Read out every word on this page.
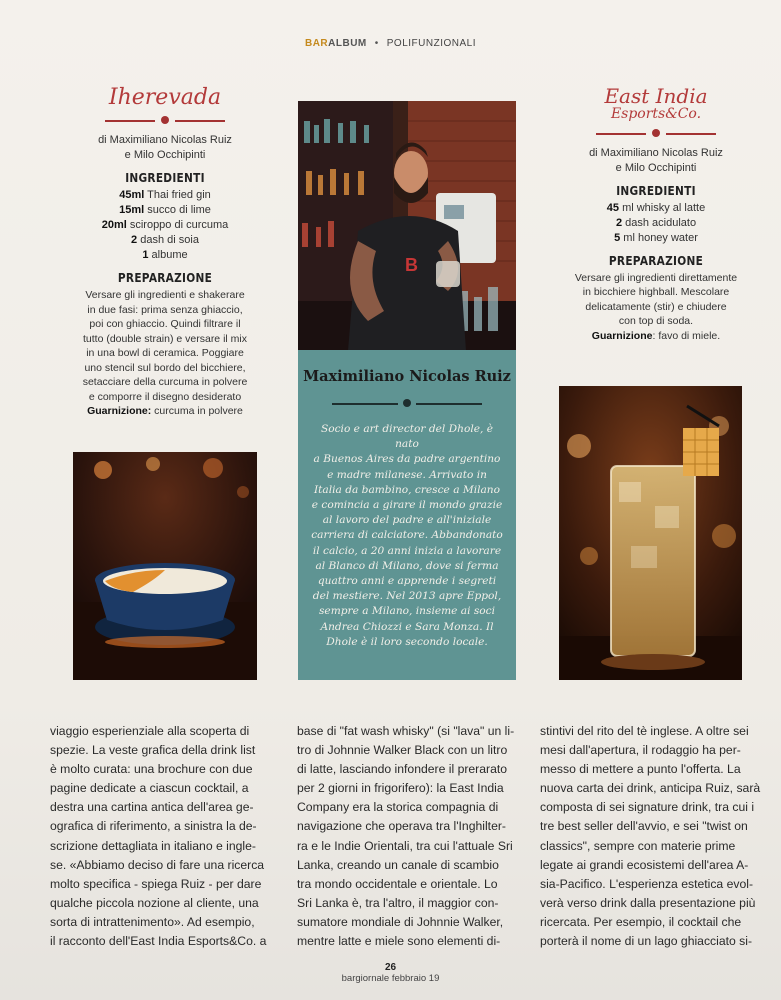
BARALBUM • POLIFUNZIONALI
Iherevada
di Maximiliano Nicolas Ruiz
e Milo Occhipinti
INGREDIENTI
45ml Thai fried gin
15ml succo di lime
20ml sciroppo di curcuma
2 dash di soia
1 albume
PREPARAZIONE
Versare gli ingredienti e shakerare
in due fasi: prima senza ghiaccio,
poi con ghiaccio. Quindi filtrare il
tutto (double strain) e versare il mix
in una bowl di ceramica. Poggiare
uno stencil sul bordo del bicchiere,
setacciare della curcuma in polvere
e comporre il disegno desiderato
Guarnizione: curcuma in polvere
B
Maximiliano Nicolas Ruiz
Socio e art director del Dhole, è nato
a Buenos Aires da padre argentino
e madre milanese. Arrivato in
Italia da bambino, cresce a Milano
e comincia a girare il mondo grazie
al lavoro del padre e all'iniziale
carriera di calciatore. Abbandonato
il calcio, a 20 anni inizia a lavorare
al Blanco di Milano, dove si ferma
quattro anni e apprende i segreti
del mestiere. Nel 2013 apre Eppol,
sempre a Milano, insieme ai soci
Andrea Chiozzi e Sara Monza. Il
Dhole è il loro secondo locale.
East India
Esports&Co.
di Maximiliano Nicolas Ruiz
e Milo Occhipinti
INGREDIENTI
45 ml whisky al latte
2 dash acidulato
5 ml honey water
PREPARAZIONE
Versare gli ingredienti direttamente
in bicchiere highball. Mescolare
delicatamente (stir) e chiudere
con top di soda.
Guarnizione: favo di miele.
viaggio esperienziale alla scoperta di
spezie. La veste grafica della drink list
è molto curata: una brochure con due
pagine dedicate a ciascun cocktail, a
destra una cartina antica dell'area ge-
ografica di riferimento, a sinistra la de-
scrizione dettagliata in italiano e ingle-
se. «Abbiamo deciso di fare una ricerca
molto specifica - spiega Ruiz - per dare
qualche piccola nozione al cliente, una
sorta di intrattenimento». Ad esempio,
il racconto dell'East India Esports&Co. a
base di "fat wash whisky" (si "lava" un li-
tro di Johnnie Walker Black con un litro
di latte, lasciando infondere il prerarato
per 2 giorni in frigorifero): la East India
Company era la storica compagnia di
navigazione che operava tra l'Inghilter-
ra e le Indie Orientali, tra cui l'attuale Sri
Lanka, creando un canale di scambio
tra mondo occidentale e orientale. Lo
Sri Lanka è, tra l'altro, il maggior con-
sumatore mondiale di Johnnie Walker,
mentre latte e miele sono elementi di-
stintivi del rito del tè inglese. A oltre sei
mesi dall'apertura, il rodaggio ha per-
messo di mettere a punto l'offerta. La
nuova carta dei drink, anticipa Ruiz, sarà
composta di sei signature drink, tra cui i
tre best seller dell'avvio, e sei "twist on
classics", sempre con materie prime
legate ai grandi ecosistemi dell'area A-
sia-Pacifico. L'esperienza estetica evol-
verà verso drink dalla presentazione più
ricercata. Per esempio, il cocktail che
porterà il nome di un lago ghiacciato si-
26
bargiornale febbraio 19
